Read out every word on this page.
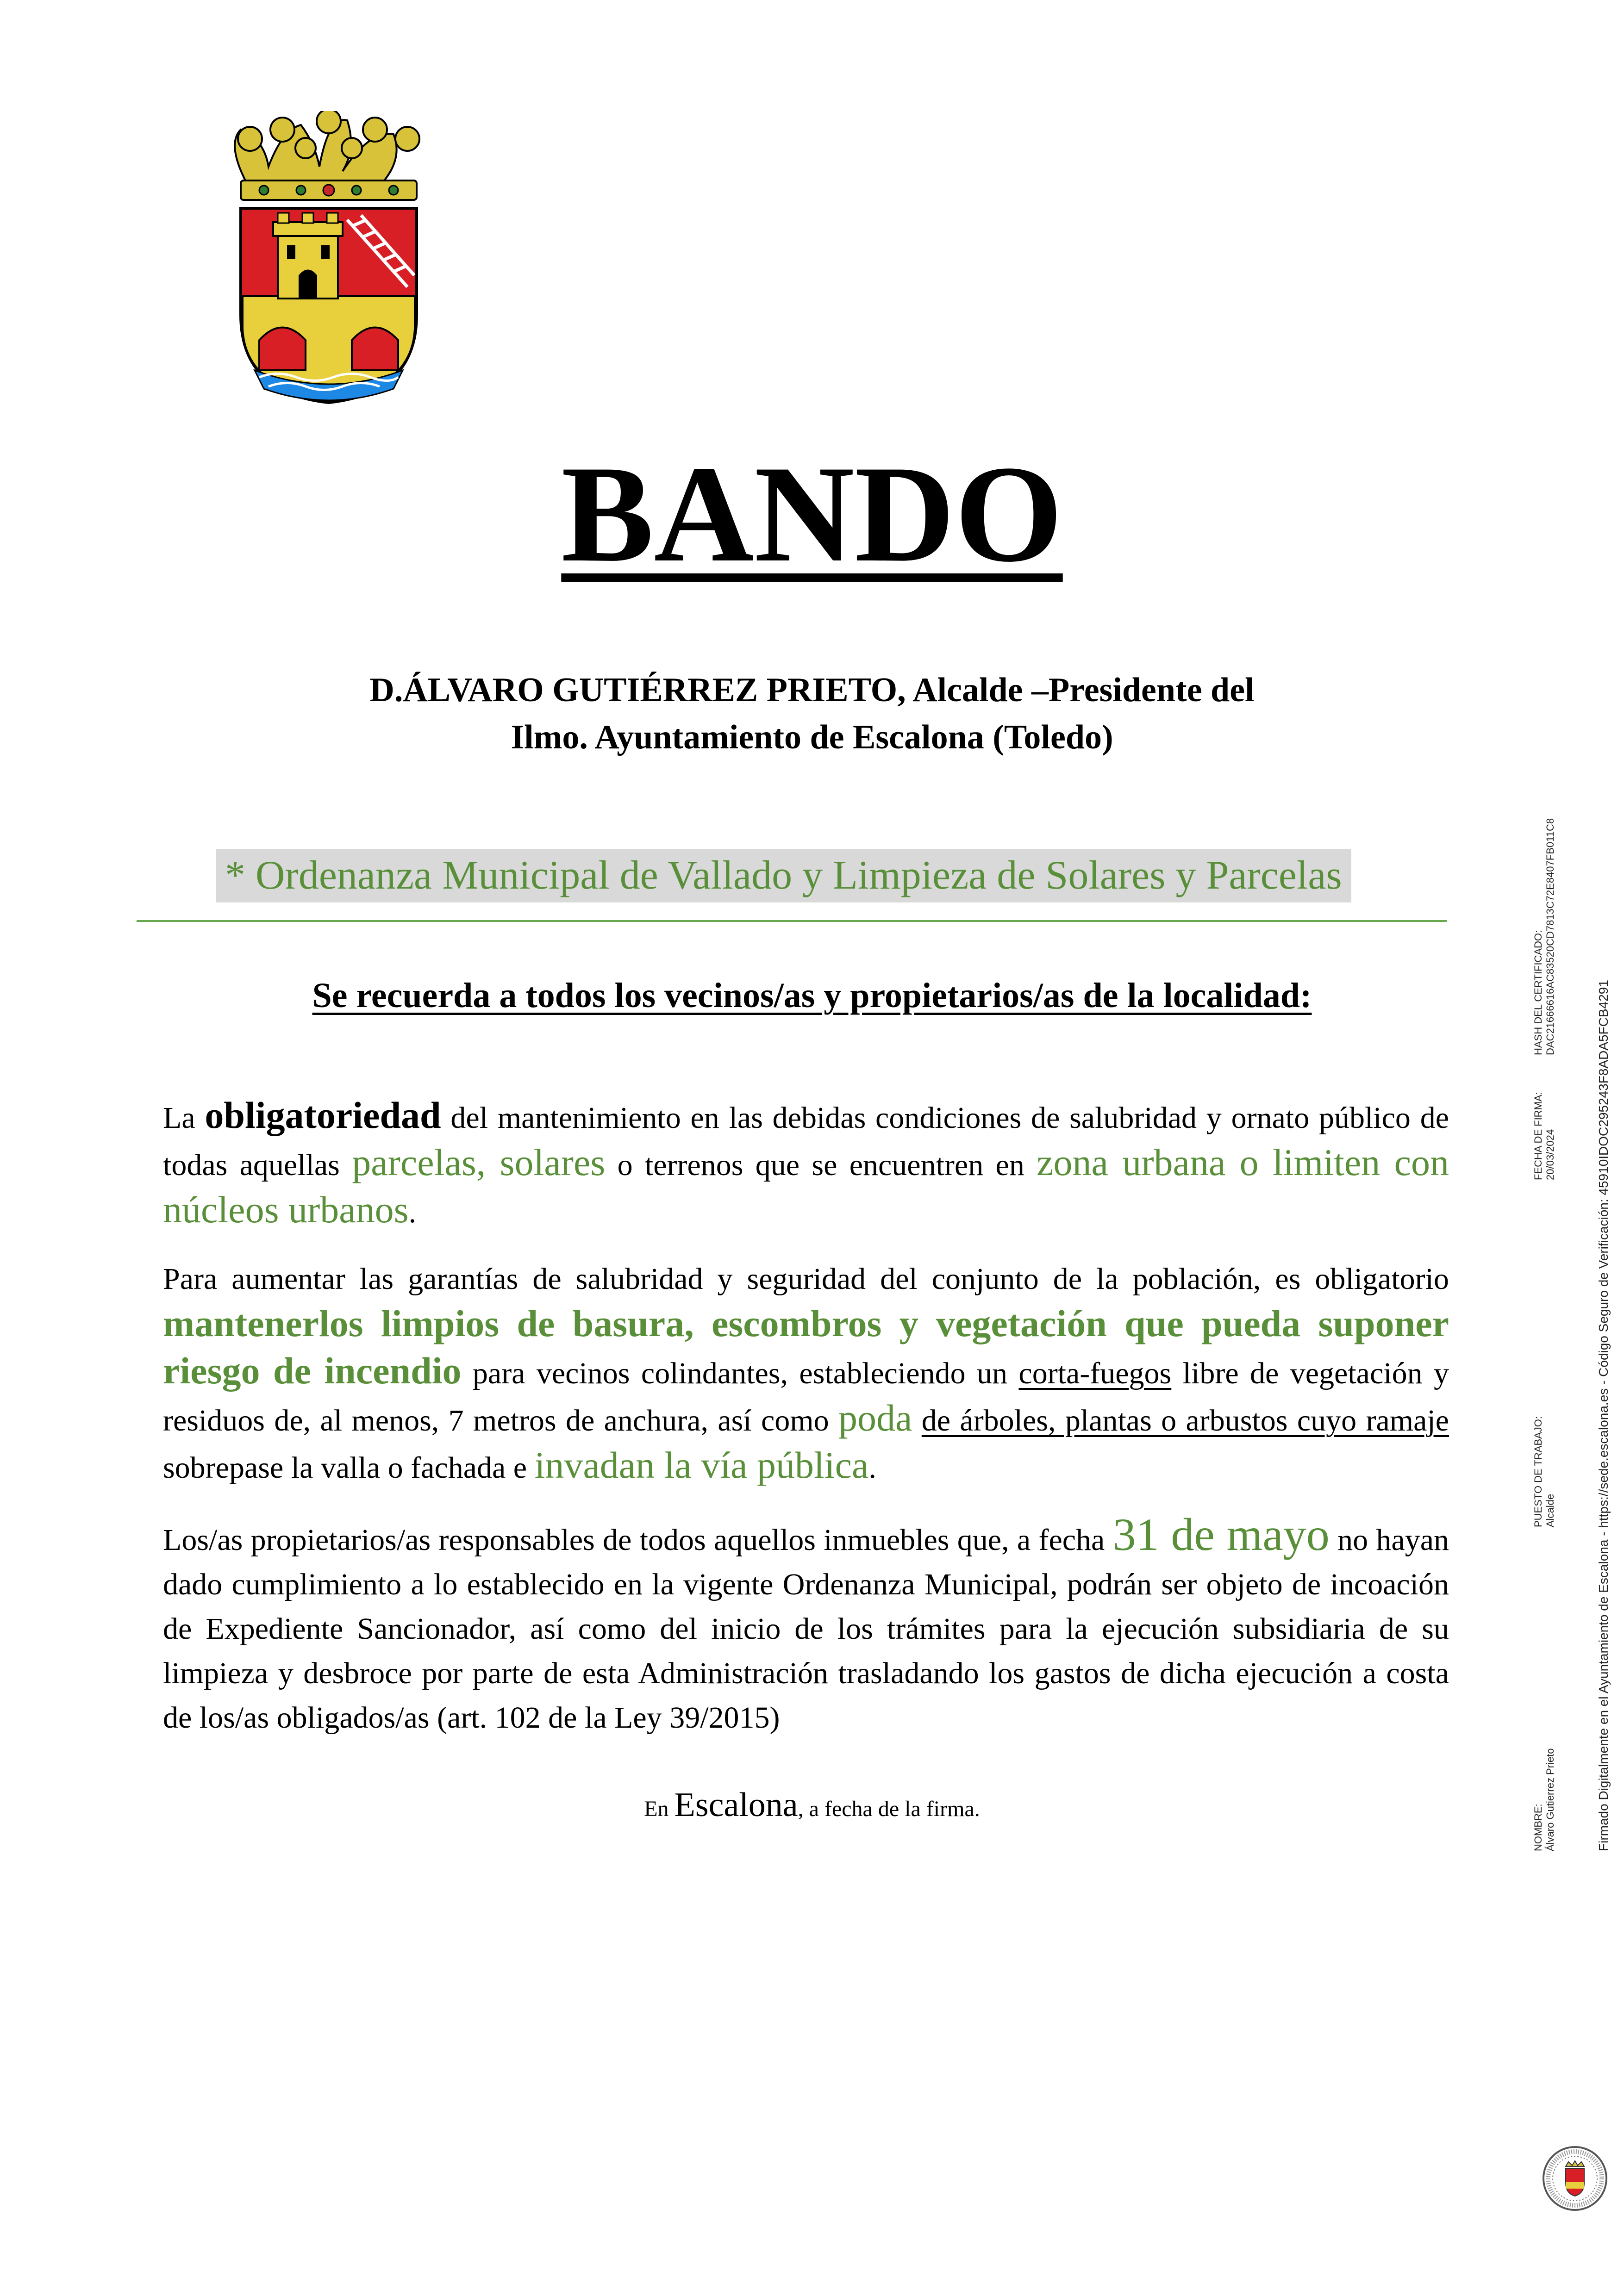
BANDO
D.ÁLVARO GUTIÉRREZ PRIETO, Alcalde –Presidente del
Ilmo. Ayuntamiento de Escalona (Toledo)
* Ordenanza Municipal de Vallado y Limpieza de Solares y Parcelas
Se recuerda a todos los vecinos/as y propietarios/as de la localidad:
La obligatoriedad del mantenimiento en las debidas condiciones de salubridad y ornato público de todas aquellas parcelas, solares o terrenos que se encuentren en zona urbana o limiten con núcleos urbanos.
Para aumentar las garantías de salubridad y seguridad del conjunto de la población, es obligatorio mantenerlos limpios de basura, escombros y vegetación que pueda suponer riesgo de incendio para vecinos colindantes, estableciendo un corta-fuegos libre de vegetación y residuos de, al menos, 7 metros de anchura, así como poda de árboles, plantas o arbustos cuyo ramaje sobrepase la valla o fachada e invadan la vía pública.
Los/as propietarios/as responsables de todos aquellos inmuebles que, a fecha 31 de mayo no hayan dado cumplimiento a lo establecido en la vigente Ordenanza Municipal, podrán ser objeto de incoación de Expediente Sancionador, así como del inicio de los trámites para la ejecución subsidiaria de su limpieza y desbroce por parte de esta Administración trasladando los gastos de dicha ejecución a costa de los/as obligados/as (art. 102 de la Ley 39/2015)
En Escalona, a fecha de la firma.	NOMBRE: Álvaro Gutierrez Prieto
PUESTO DE TRABAJO: Alcalde
FECHA DE FIRMA: 20/03/2024
HASH DEL CERTIFICADO: DAC21666616AC83520CD7813C72E8407FB011C8
Firmado Digitalmente en el Ayuntamiento de Escalona - https://sede.escalona.es - Código Seguro de Verificación: 45910IDOC295243F8ADA5FCB4291
